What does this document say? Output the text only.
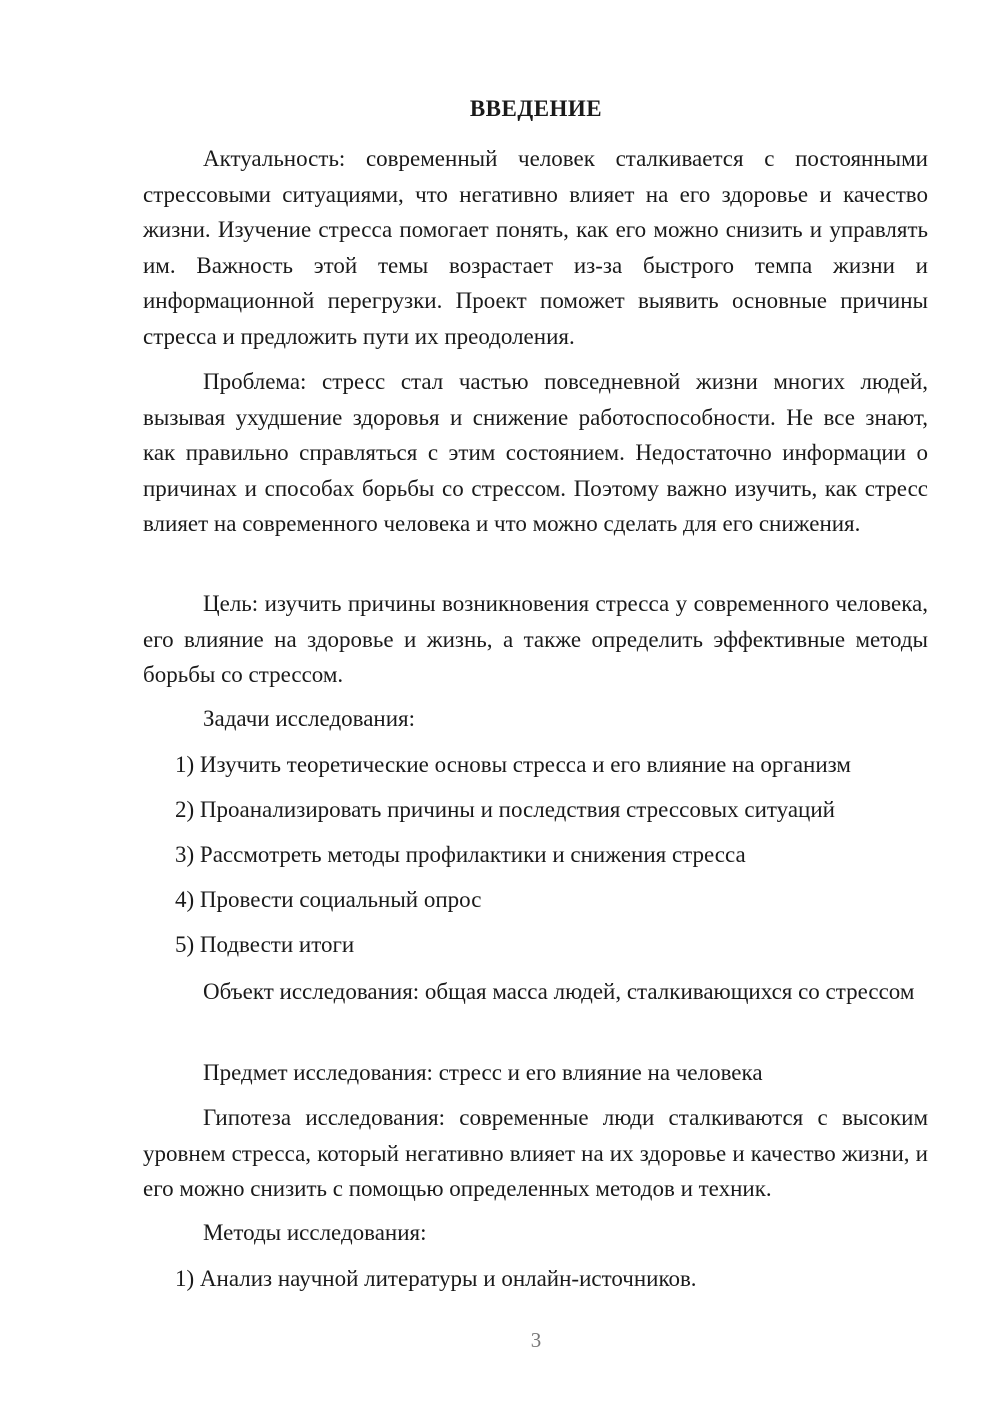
ВВЕДЕНИЕ

Актуальность: современный человек сталкивается с постоянными стрессовыми ситуациями, что негативно влияет на его здоровье и качество жизни. Изучение стресса помогает понять, как его можно снизить и управлять им. Важность этой темы возрастает из-за быстрого темпа жизни и информационной перегрузки. Проект поможет выявить основные причины стресса и предложить пути их преодоления.

Проблема: стресс стал частью повседневной жизни многих людей, вызывая ухудшение здоровья и снижение работоспособности. Не все знают, как правильно справляться с этим состоянием. Недостаточно информации о причинах и способах борьбы со стрессом. Поэтому важно изучить, как стресс влияет на современного человека и что можно сделать для его снижения.

Цель: изучить причины возникновения стресса у современного человека, его влияние на здоровье и жизнь, а также определить эффективные методы борьбы со стрессом.

Задачи исследования:

1) Изучить теоретические основы стресса и его влияние на организм
2) Проанализировать причины и последствия стрессовых ситуаций
3) Рассмотреть методы профилактики и снижения стресса
4) Провести социальный опрос
5) Подвести итоги

Объект исследования: общая масса людей, сталкивающихся со стрессом

Предмет исследования: стресс и его влияние на человека

Гипотеза исследования: современные люди сталкиваются с высоким уровнем стресса, который негативно влияет на их здоровье и качество жизни, и его можно снизить с помощью определенных методов и техник.

Методы исследования:

1) Анализ научной литературы и онлайн-источников.
3
